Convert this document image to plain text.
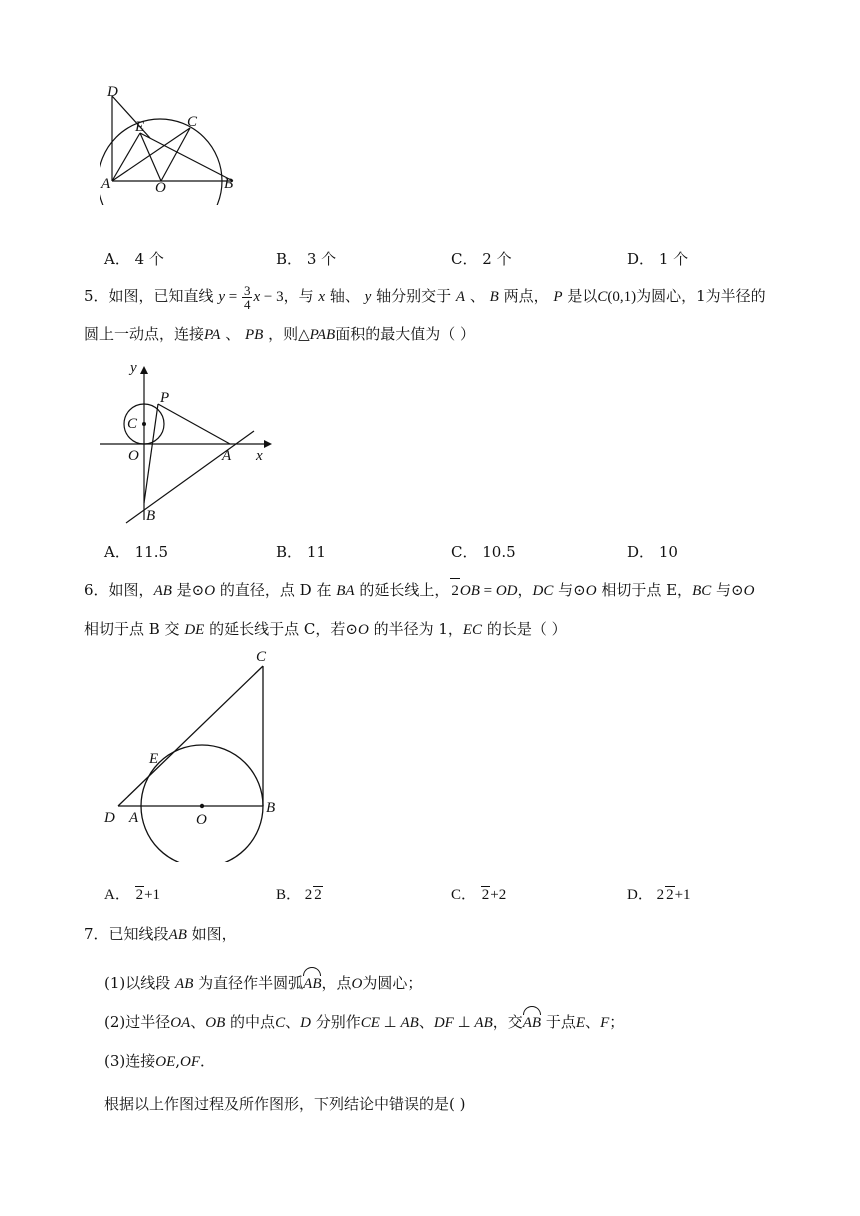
D
E	C
A	O	B
A． 4 个	B． 3 个	C． 2 个	D． 1 个
5．如图，已知直线 $y = \frac{3}{4}$ x − 3，与 x 轴、 y 轴分别交于 A 、 B 两点， P 是以C(0,1)为圆心，1为半径的
圆上一动点，连接PA 、 PB ，则△PAB面积的最大值为（ ）
y
P
C
O	A x
B
A． 11.5	B． 11	C． 10.5	D． 10
6．如图，AB 是⊙O 的直径，点 D 在 BA 的延长线上， 2OB = OD，DC 与⊙O 相切于点 E，BC 与⊙O
相切于点 B 交 DE 的延长线于点 C，若⊙O 的半径为 1，EC 的长是（ ）
C
E
D A	O
B
A． 2+1	B． 2 2	C． 2+2	D． 2 2+1
7．已知线段AB 如图，
(1)以线段 AB 为直径作半圆弧AB，点O为圆心；
(2)过半径OA、OB 的中点C、D 分别作CE ⊥ AB、DF ⊥ AB，交AB 于点E、F；
(3)连接OE,OF．
根据以上作图过程及所作图形，下列结论中错误的是( )
